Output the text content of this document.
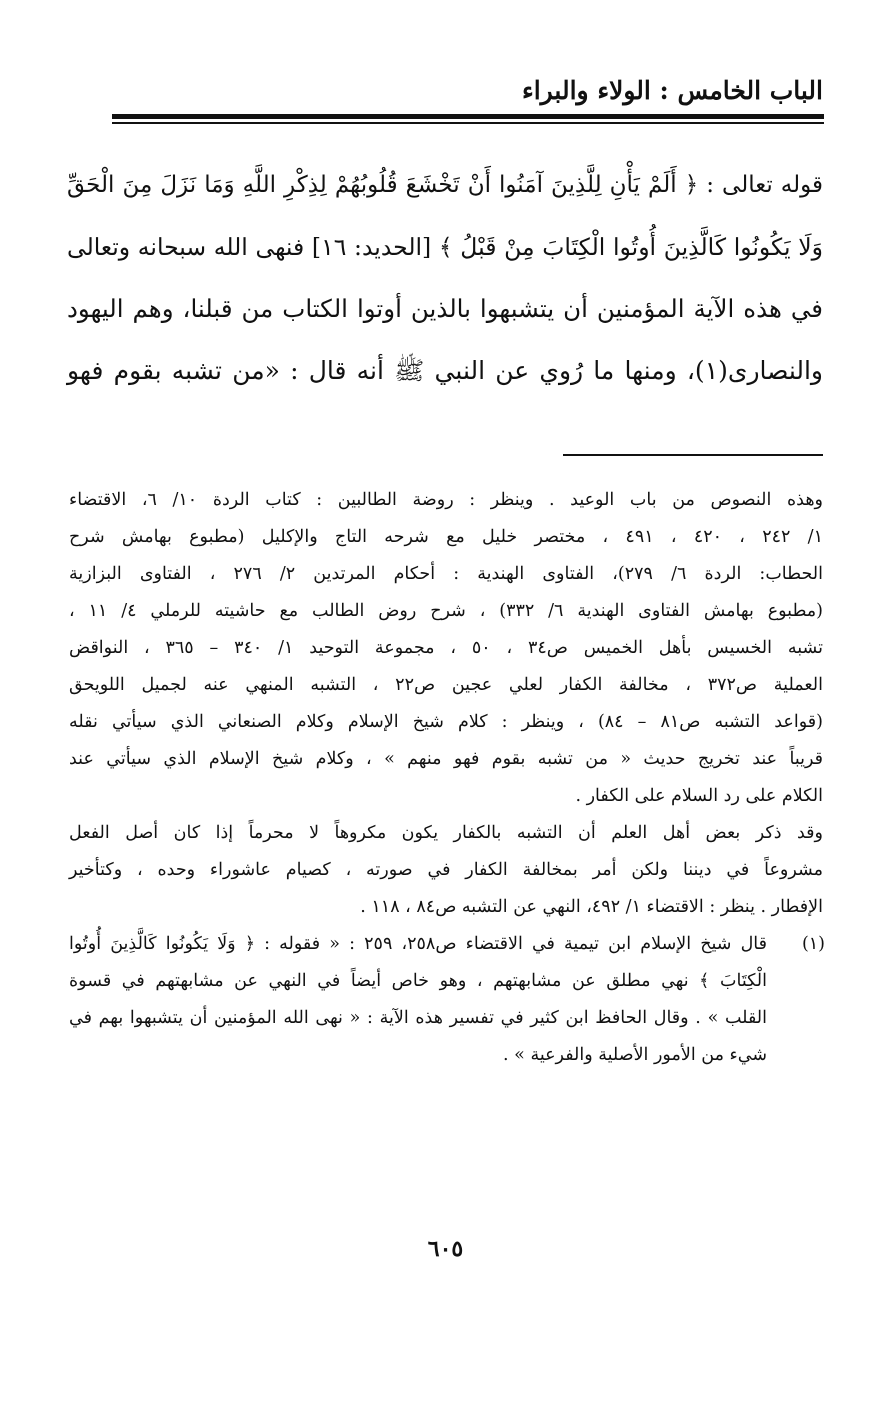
الباب الخامس : الولاء والبراء
قوله تعالى : ﴿ أَلَمْ يَأْنِ لِلَّذِينَ آمَنُوا أَنْ تَخْشَعَ قُلُوبُهُمْ لِذِكْرِ اللَّهِ وَمَا نَزَلَ مِنَ الْحَقِّ
وَلَا يَكُونُوا كَالَّذِينَ أُوتُوا الْكِتَابَ مِنْ قَبْلُ ﴾ [الحديد: ١٦] فنهى الله سبحانه وتعالى
في هذه الآية المؤمنين أن يتشبهوا بالذين أوتوا الكتاب من قبلنا، وهم اليهود
والنصارى(١)، ومنها ما رُوي عن النبي ﷺ أنه قال : «من تشبه بقوم فهو
وهذه النصوص من باب الوعيد . وينظر : روضة الطالبين : كتاب الردة ١٠/ ٦، الاقتضاء
١/ ٢٤٢ ، ٤٢٠ ، ٤٩١ ، مختصر خليل مع شرحه التاج والإكليل (مطبوع بهامش شرح
الحطاب: الردة ٦/ ٢٧٩)، الفتاوى الهندية : أحكام المرتدين ٢/ ٢٧٦ ، الفتاوى البزازية
(مطبوع بهامش الفتاوى الهندية ٦/ ٣٣٢) ، شرح روض الطالب مع حاشيته للرملي ٤/ ١١ ،
تشبه الخسيس بأهل الخميس ص٣٤ ، ٥٠ ، مجموعة التوحيد ١/ ٣٤٠ – ٣٦٥ ، النواقض
العملية ص٣٧٢ ، مخالفة الكفار لعلي عجين ص٢٢ ، التشبه المنهي عنه لجميل اللويحق
(قواعد التشبه ص٨١ – ٨٤) ، وينظر : كلام شيخ الإسلام وكلام الصنعاني الذي سيأتي نقله
قريباً عند تخريج حديث « من تشبه بقوم فهو منهم » ، وكلام شيخ الإسلام الذي سيأتي عند
الكلام على رد السلام على الكفار .
وقد ذكر بعض أهل العلم أن التشبه بالكفار يكون مكروهاً لا محرماً إذا كان أصل الفعل
مشروعاً في ديننا ولكن أمر بمخالفة الكفار في صورته ، كصيام عاشوراء وحده ، وكتأخير
الإفطار . ينظر : الاقتضاء ١/ ٤٩٢، النهي عن التشبه ص٨٤ ، ١١٨ .
(١)
قال شيخ الإسلام ابن تيمية في الاقتضاء ص٢٥٨، ٢٥٩ : « فقوله : ﴿ وَلَا يَكُونُوا كَالَّذِينَ أُوتُوا
الْكِتَابَ ﴾ نهي مطلق عن مشابهتهم ، وهو خاص أيضاً في النهي عن مشابهتهم في قسوة
القلب » . وقال الحافظ ابن كثير في تفسير هذه الآية : « نهى الله المؤمنين أن يتشبهوا بهم في
شيء من الأمور الأصلية والفرعية » .
٦٠٥
